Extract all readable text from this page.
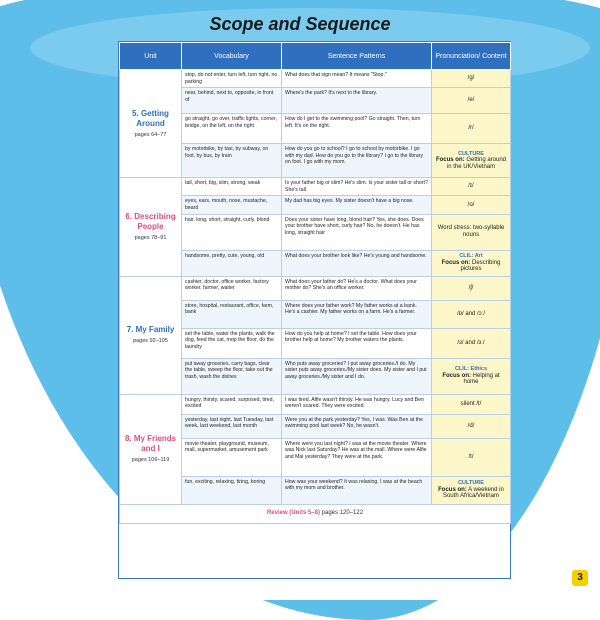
Scope and Sequence
Unit	Vocabulary	Sentence Patterns	Pronunciation/ Content

5. Getting Around
pages 64–77	stop, do not enter, turn left, turn right, no parking	What does that sign mean? It means "Stop."	/g/
	near, behind, next to, opposite, in front of	Where's the park? It's next to the library.	/e/
	go straight, go over, traffic lights, corner, bridge, on the left, on the right	How do I get to the swimming pool? Go straight. Then, turn left. It's on the right.	/r/
	by motorbike, by taxi, by subway, on foot, by bus, by train	How do you go to school? I go to school by motorbike. I go with my dad. How do you go to the library? I go to the library on foot. I go with my mom.	CULTURE
Focus on: Getting around in the UK/Vietnam

6. Describing People
pages 78–91	tall, short, big, slim, strong, weak	Is your father big or slim? He's slim. Is your sister tall or short? She's tall.	/ɪ/
	eyes, ears, mouth, nose, mustache, beard	My dad has big eyes. My sister doesn't have a big nose.	/o/
	hair, long, short, straight, curly, blond	Does your sister have long, blond hair? Yes, she does. Does your brother have short, curly hair? No, he doesn't. He has long, straight hair	Word stress: two-syllable nouns
	handsome, pretty, cute, young, old	What does your brother look like? He's young and handsome.	CLIL: Art
Focus on: Describing pictures

7. My Family
pages 92–105	cashier, doctor, office worker, factory worker, farmer, waiter	What does your father do? He's a doctor. What does your mother do? She's an office worker.	/ʃ/
	store, hospital, restaurant, office, farm, bank	Where does your father work? My father works at a bank. He's a cashier. My father works on a farm. He's a farmer.	/ɒ/ and /ɔː/
	set the table, water the plants, walk the dog, feed the cat, mop the floor, do the laundry	How do you help at home? I set the table. How does your brother help at home? My brother waters the plants.	/ɜ/ and /ɜː/
	put away groceries, carry bags, clear the table, sweep the floor, take out the trash, wash the dishes	Who puts away groceries? I put away groceries./I do. My sister puts away groceries./My sister does. My sister and I put away groceries./My sister and I do.	CLIL: Ethics
Focus on: Helping at home

8. My Friends and I
pages 106–119	hungry, thirsty, scared, surprised, tired, excited	I was tired. Alfie wasn't thirsty. He was hungry. Lucy and Ben weren't scared. They were excited.	silent /t/
	yesterday, last night, last Tuesday, last week, last weekend, last month	Were you at the park yesterday? Yes, I was. Was Ben at the swimming pool last week? No, he wasn't.	/d/
	movie theater, playground, museum, mall, supermarket, amusement park	Where were you last night? I was at the movie theater. Where was Nick last Saturday? He was at the mall. Where were Alfie and Mai yesterday? They were at the park.	/t/
	fun, exciting, relaxing, tiring, boring	How was your weekend? It was relaxing. I was at the beach with my mom and brother.	CULTURE
Focus on: A weekend in South Africa/Vietnam

Review (Units 5–8) pages 120–122			
3
